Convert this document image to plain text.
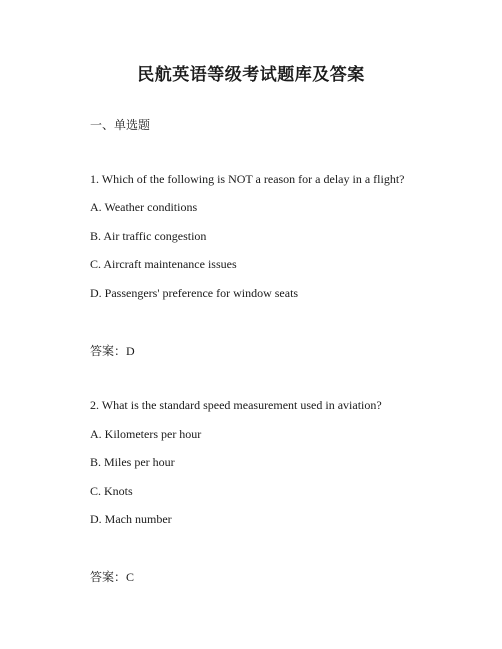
民航英语等级考试题库及答案
一、单选题
1. Which of the following is NOT a reason for a delay in a flight?
A. Weather conditions
B. Air traffic congestion
C. Aircraft maintenance issues
D. Passengers' preference for window seats
答案：D
2. What is the standard speed measurement used in aviation?
A. Kilometers per hour
B. Miles per hour
C. Knots
D. Mach number
答案：C
